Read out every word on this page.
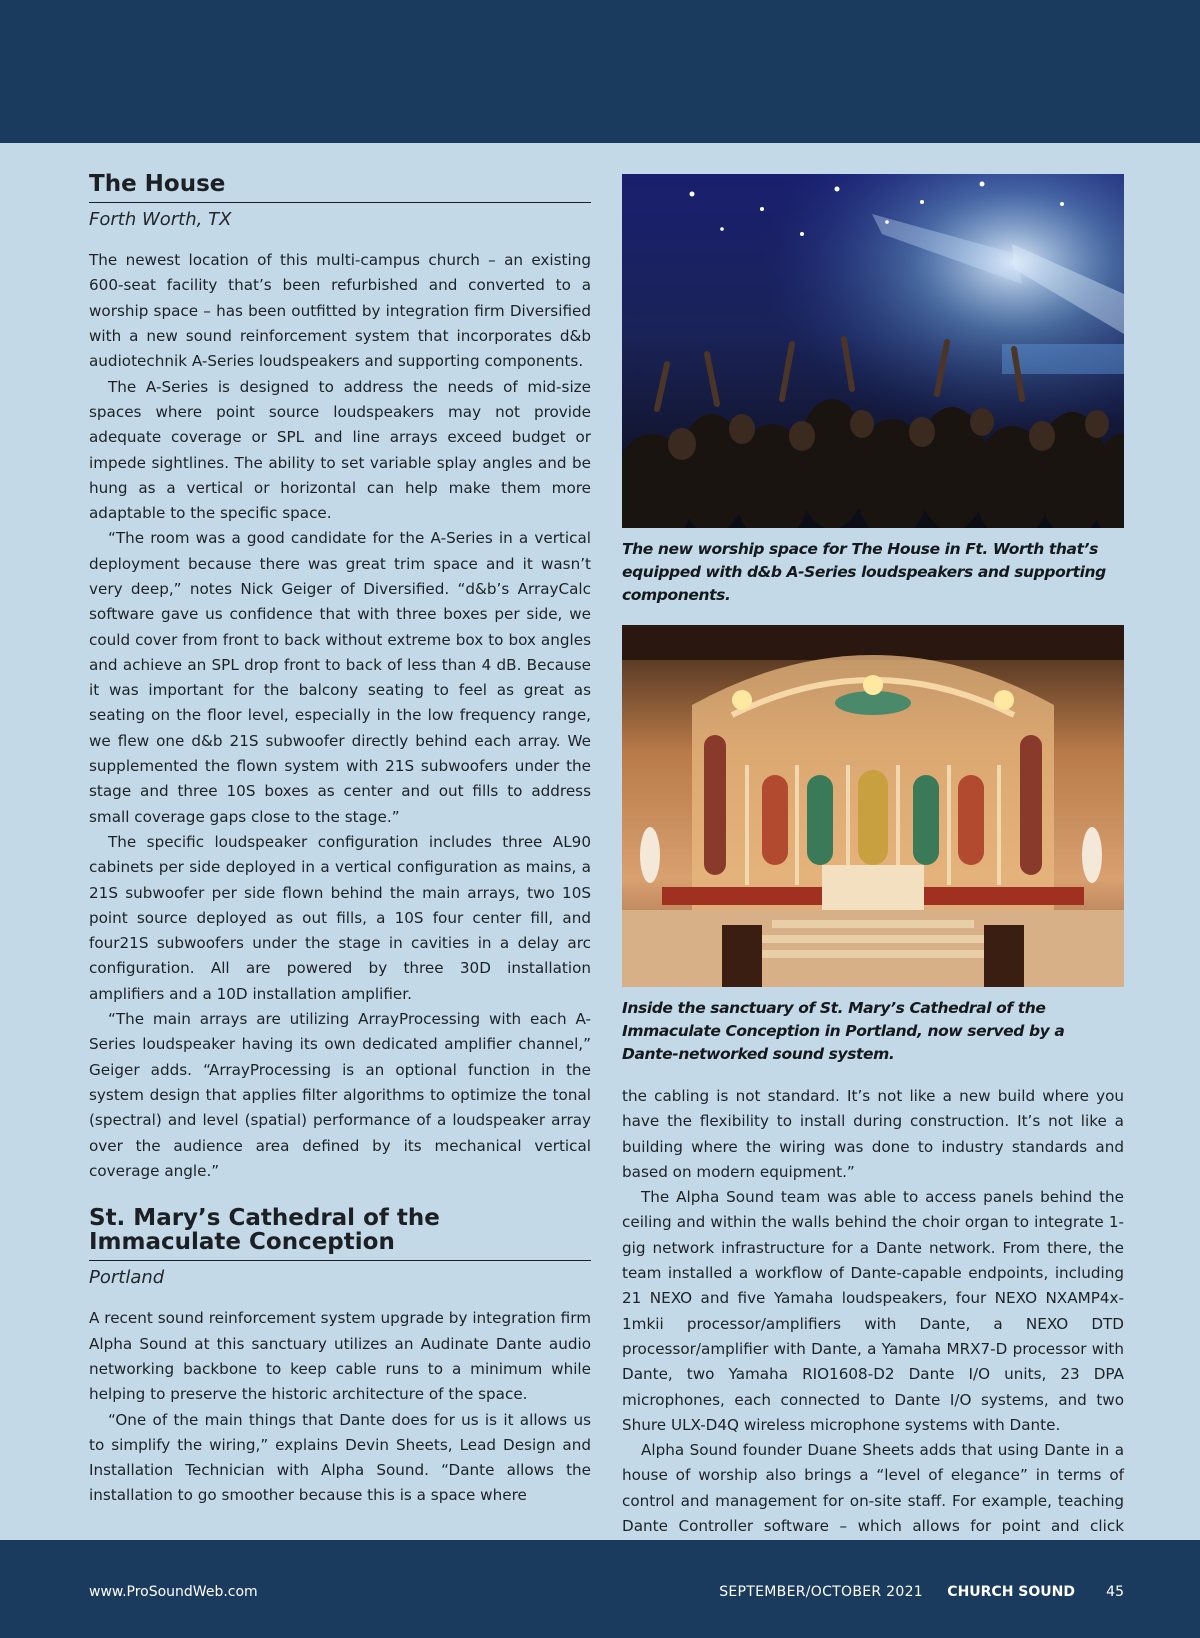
The House
Forth Worth, TX

The newest location of this multi-campus church – an existing 600-seat facility that’s been refurbished and converted to a worship space – has been outfitted by integration firm Diversified with a new sound reinforcement system that incorporates d&b audiotechnik A-Series loudspeakers and supporting components.

The A-Series is designed to address the needs of mid-size spaces where point source loudspeakers may not provide adequate coverage or SPL and line arrays exceed budget or impede sightlines. The ability to set variable splay angles and be hung as a vertical or horizontal can help make them more adaptable to the specific space.

“The room was a good candidate for the A-Series in a vertical deployment because there was great trim space and it wasn’t very deep,” notes Nick Geiger of Diversified. “d&b’s ArrayCalc software gave us confidence that with three boxes per side, we could cover from front to back without extreme box to box angles and achieve an SPL drop front to back of less than 4 dB. Because it was important for the balcony seating to feel as great as seating on the floor level, especially in the low frequency range, we flew one d&b 21S subwoofer directly behind each array. We supplemented the flown system with 21S subwoofers under the stage and three 10S boxes as center and out fills to address small coverage gaps close to the stage.”

The specific loudspeaker configuration includes three AL90 cabinets per side deployed in a vertical configuration as mains, a 21S subwoofer per side flown behind the main arrays, two 10S point source deployed as out fills, a 10S four center fill, and four21S subwoofers under the stage in cavities in a delay arc configuration. All are powered by three 30D installation amplifiers and a 10D installation amplifier.

“The main arrays are utilizing ArrayProcessing with each A-Series loudspeaker having its own dedicated amplifier channel,” Geiger adds. “ArrayProcessing is an optional function in the system design that applies filter algorithms to optimize the tonal (spectral) and level (spatial) performance of a loudspeaker array over the audience area defined by its mechanical vertical coverage angle.”

St. Mary’s Cathedral of the Immaculate Conception
Portland

A recent sound reinforcement system upgrade by integration firm Alpha Sound at this sanctuary utilizes an Audinate Dante audio networking backbone to keep cable runs to a minimum while helping to preserve the historic architecture of the space.

“One of the main things that Dante does for us is it allows us to simplify the wiring,” explains Devin Sheets, Lead Design and Installation Technician with Alpha Sound. “Dante allows the installation to go smoother because this is a space where

The new worship space for The House in Ft. Worth that’s equipped with d&b A-Series loudspeakers and supporting components.
Inside the sanctuary of St. Mary’s Cathedral of the Immaculate Conception in Portland, now served by a Dante-networked sound system.

the cabling is not standard. It’s not like a new build where you have the flexibility to install during construction. It’s not like a building where the wiring was done to industry standards and based on modern equipment.”

The Alpha Sound team was able to access panels behind the ceiling and within the walls behind the choir organ to integrate 1-gig network infrastructure for a Dante network. From there, the team installed a workflow of Dante-capable endpoints, including 21 NEXO and five Yamaha loudspeakers, four NEXO NXAMP4x-1mkii processor/amplifiers with Dante, a NEXO DTD processor/amplifier with Dante, a Yamaha MRX7-D processor with Dante, two Yamaha RIO1608-D2 Dante I/O units, 23 DPA microphones, each connected to Dante I/O systems, and two Shure ULX-D4Q wireless microphone systems with Dante.

Alpha Sound founder Duane Sheets adds that using Dante in a house of worship also brings a “level of elegance” in terms of control and management for on-site staff. For example, teaching Dante Controller software – which allows for point and click

www.ProSoundWeb.com	SEPTEMBER/OCTOBER 2021 CHURCH SOUND 45
